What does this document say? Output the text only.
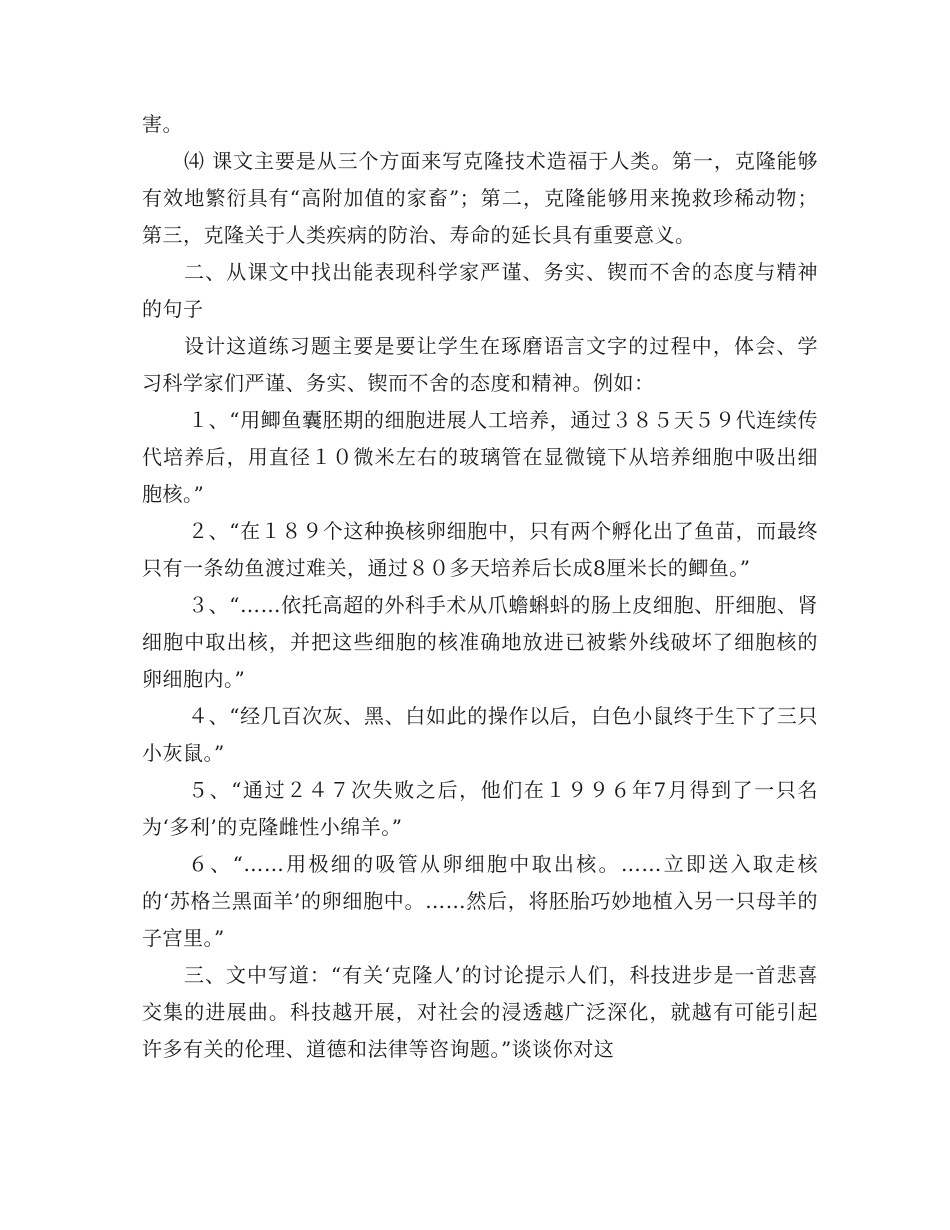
害。

⑷ 课文主要是从三个方面来写克隆技术造福于人类。第一，克隆能够有效地繁衍具有“高附加值的家畜”；第二，克隆能够用来挽救珍稀动物；第三，克隆关于人类疾病的防治、寿命的延长具有重要意义。

二、从课文中找出能表现科学家严谨、务实、锲而不舍的态度与精神的句子

设计这道练习题主要是要让学生在琢磨语言文字的过程中，体会、学习科学家们严谨、务实、锲而不舍的态度和精神。例如：

１、“用鲫鱼囊胚期的细胞进展人工培养，通过３８５天５９代连续传代培养后，用直径１０微米左右的玻璃管在显微镜下从培养细胞中吸出细胞核。”

２、“在１８９个这种换核卵细胞中，只有两个孵化出了鱼苗，而最终只有一条幼鱼渡过难关，通过８０多天培养后长成8厘米长的鲫鱼。”

３、“……依托高超的外科手术从爪蟾蝌蚪的肠上皮细胞、肝细胞、肾细胞中取出核，并把这些细胞的核准确地放进已被紫外线破坏了细胞核的卵细胞内。”

４、“经几百次灰、黑、白如此的操作以后，白色小鼠终于生下了三只小灰鼠。”

５、“通过２４７次失败之后，他们在１９９６年7月得到了一只名为‘多利’的克隆雌性小绵羊。”

６、“……用极细的吸管从卵细胞中取出核。……立即送入取走核的‘苏格兰黑面羊’的卵细胞中。……然后，将胚胎巧妙地植入另一只母羊的子宫里。”

三、文中写道：“有关‘克隆人’的讨论提示人们，科技进步是一首悲喜交集的进展曲。科技越开展，对社会的浸透越广泛深化，就越有可能引起许多有关的伦理、道德和法律等咨询题。”谈谈你对这
